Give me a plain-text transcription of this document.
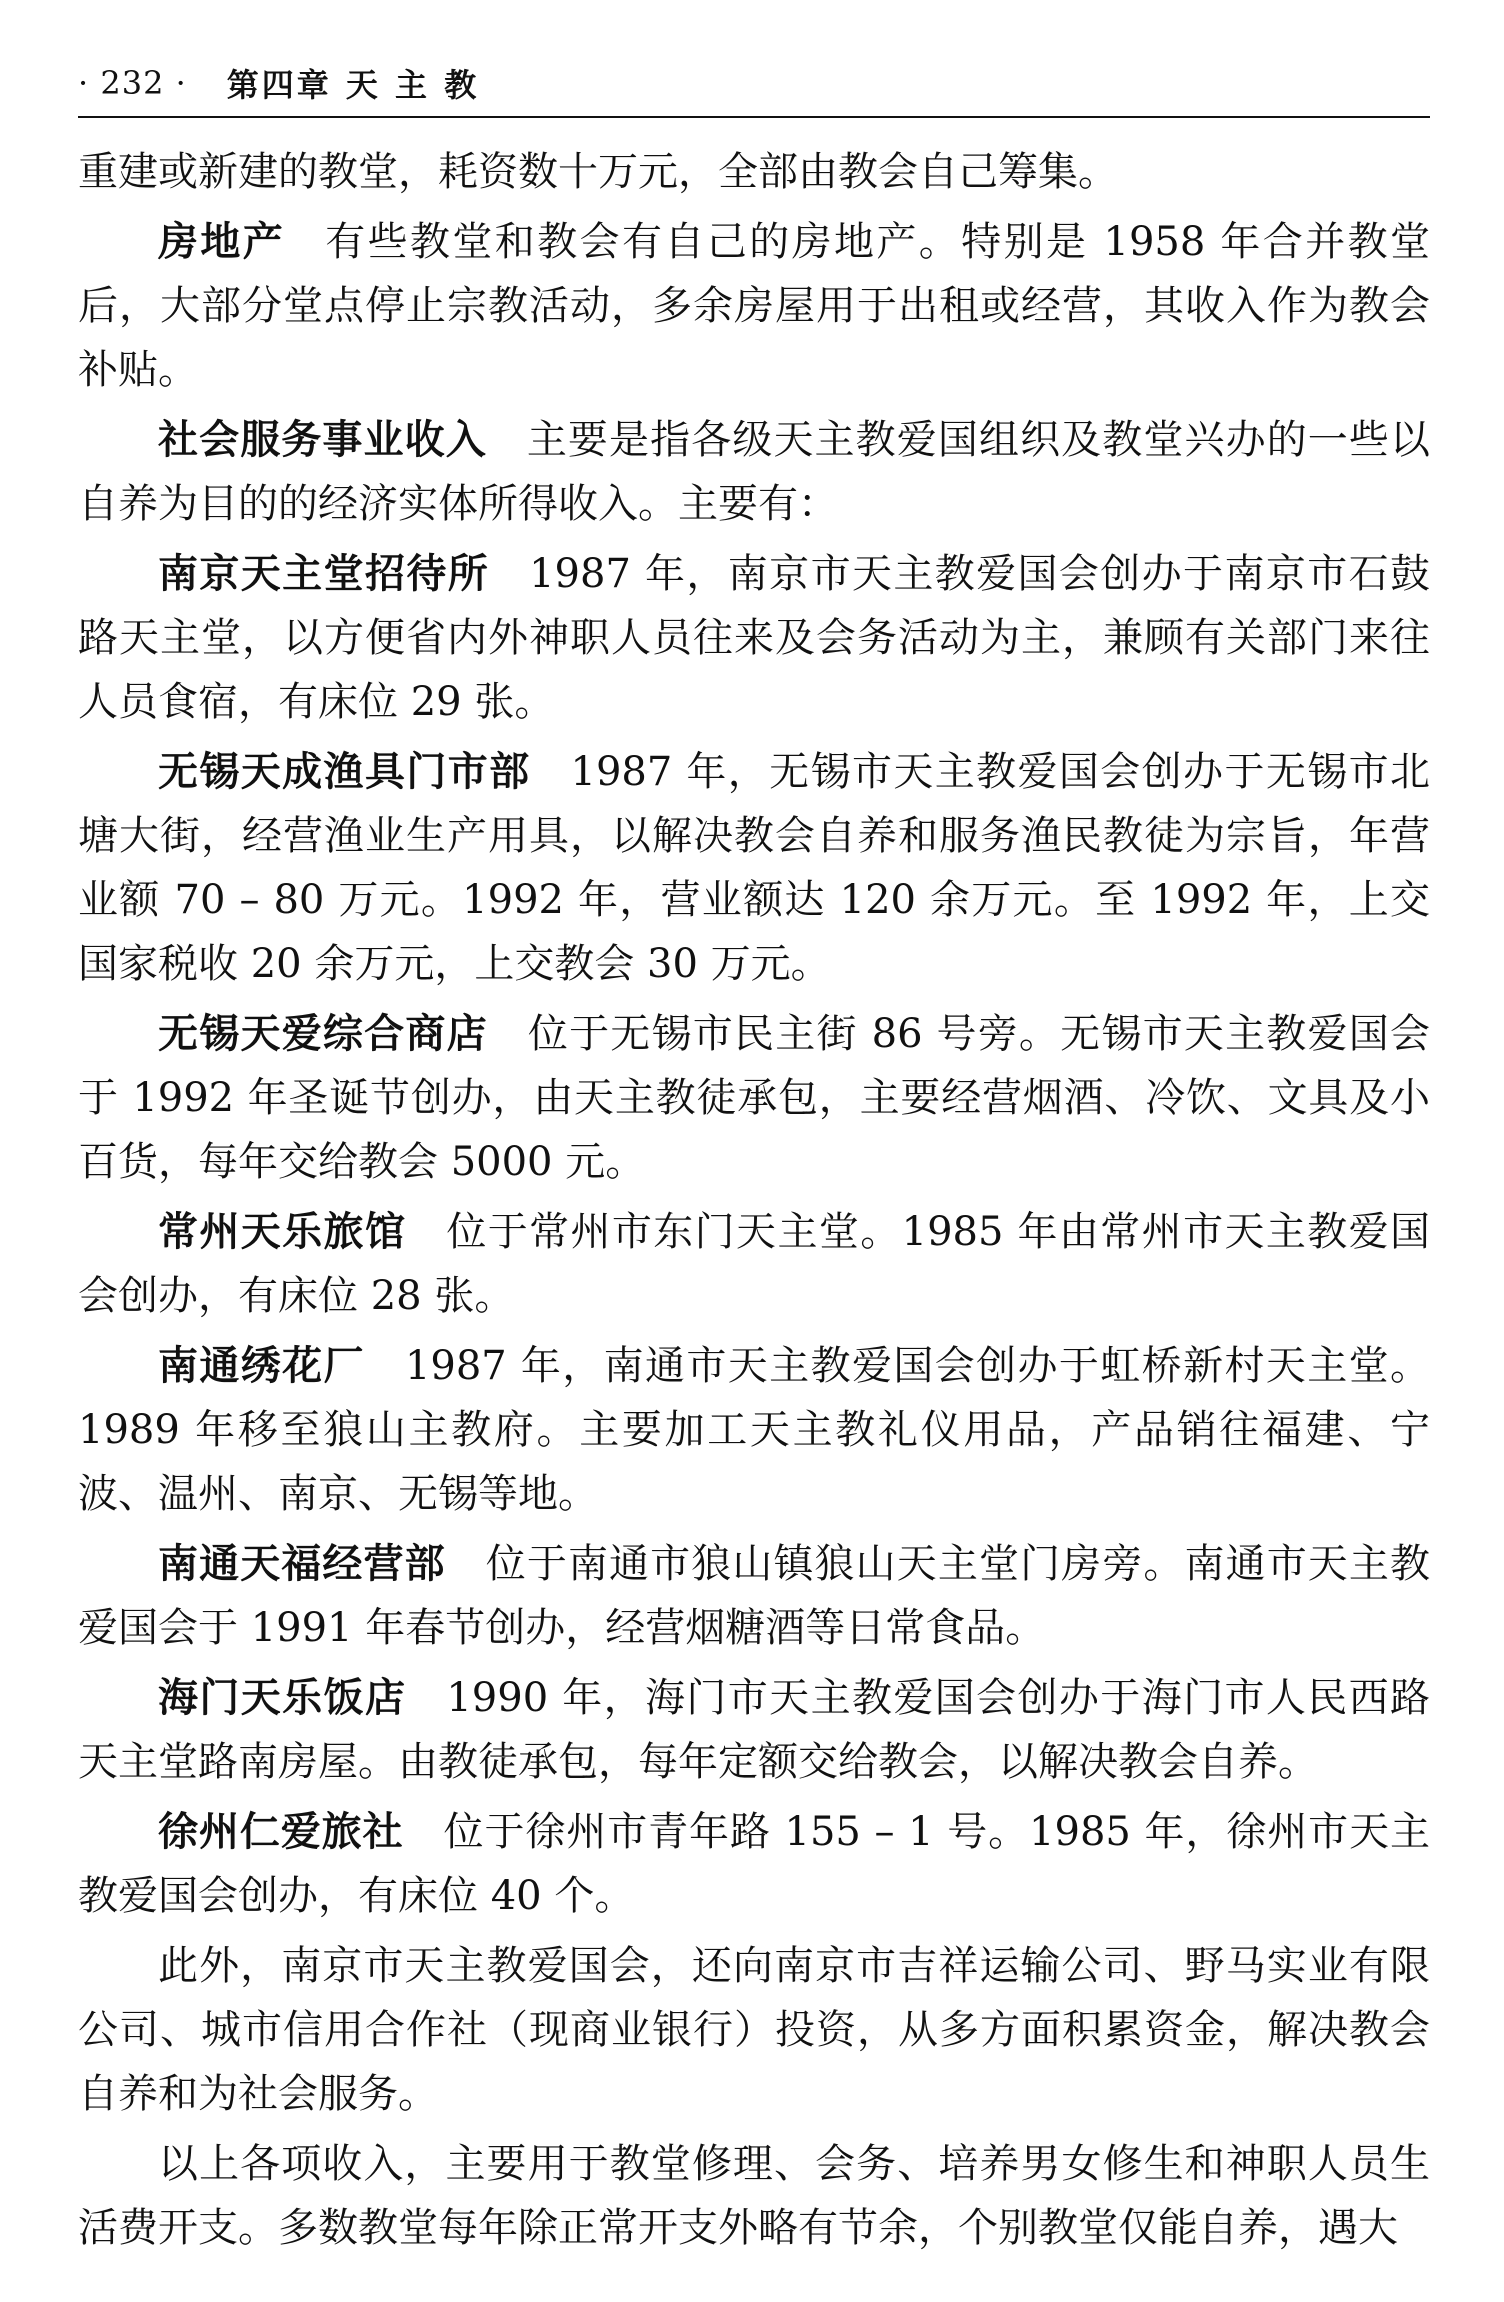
· 232 · 第四章 天 主 教

重建或新建的教堂，耗资数十万元，全部由教会自己筹集。

房地产 有些教堂和教会有自己的房地产。特别是 1958 年合并教堂后，大部分堂点停止宗教活动，多余房屋用于出租或经营，其收入作为教会补贴。

社会服务事业收入 主要是指各级天主教爱国组织及教堂兴办的一些以自养为目的的经济实体所得收入。主要有：

南京天主堂招待所 1987 年，南京市天主教爱国会创办于南京市石鼓路天主堂，以方便省内外神职人员往来及会务活动为主，兼顾有关部门来往人员食宿，有床位 29 张。

无锡天成渔具门市部 1987 年，无锡市天主教爱国会创办于无锡市北塘大街，经营渔业生产用具，以解决教会自养和服务渔民教徒为宗旨，年营业额 70 – 80 万元。1992 年，营业额达 120 余万元。至 1992 年，上交国家税收 20 余万元，上交教会 30 万元。

无锡天爱综合商店 位于无锡市民主街 86 号旁。无锡市天主教爱国会于 1992 年圣诞节创办，由天主教徒承包，主要经营烟酒、冷饮、文具及小百货，每年交给教会 5000 元。

常州天乐旅馆 位于常州市东门天主堂。1985 年由常州市天主教爱国会创办，有床位 28 张。

南通绣花厂 1987 年，南通市天主教爱国会创办于虹桥新村天主堂。1989 年移至狼山主教府。主要加工天主教礼仪用品，产品销往福建、宁波、温州、南京、无锡等地。

南通天福经营部 位于南通市狼山镇狼山天主堂门房旁。南通市天主教爱国会于 1991 年春节创办，经营烟糖酒等日常食品。

海门天乐饭店 1990 年，海门市天主教爱国会创办于海门市人民西路天主堂路南房屋。由教徒承包，每年定额交给教会，以解决教会自养。

徐州仁爱旅社 位于徐州市青年路 155 – 1 号。1985 年，徐州市天主教爱国会创办，有床位 40 个。

此外，南京市天主教爱国会，还向南京市吉祥运输公司、野马实业有限公司、城市信用合作社（现商业银行）投资，从多方面积累资金，解决教会自养和为社会服务。

以上各项收入，主要用于教堂修理、会务、培养男女修生和神职人员生活费开支。多数教堂每年除正常开支外略有节余，个别教堂仅能自养，遇大
